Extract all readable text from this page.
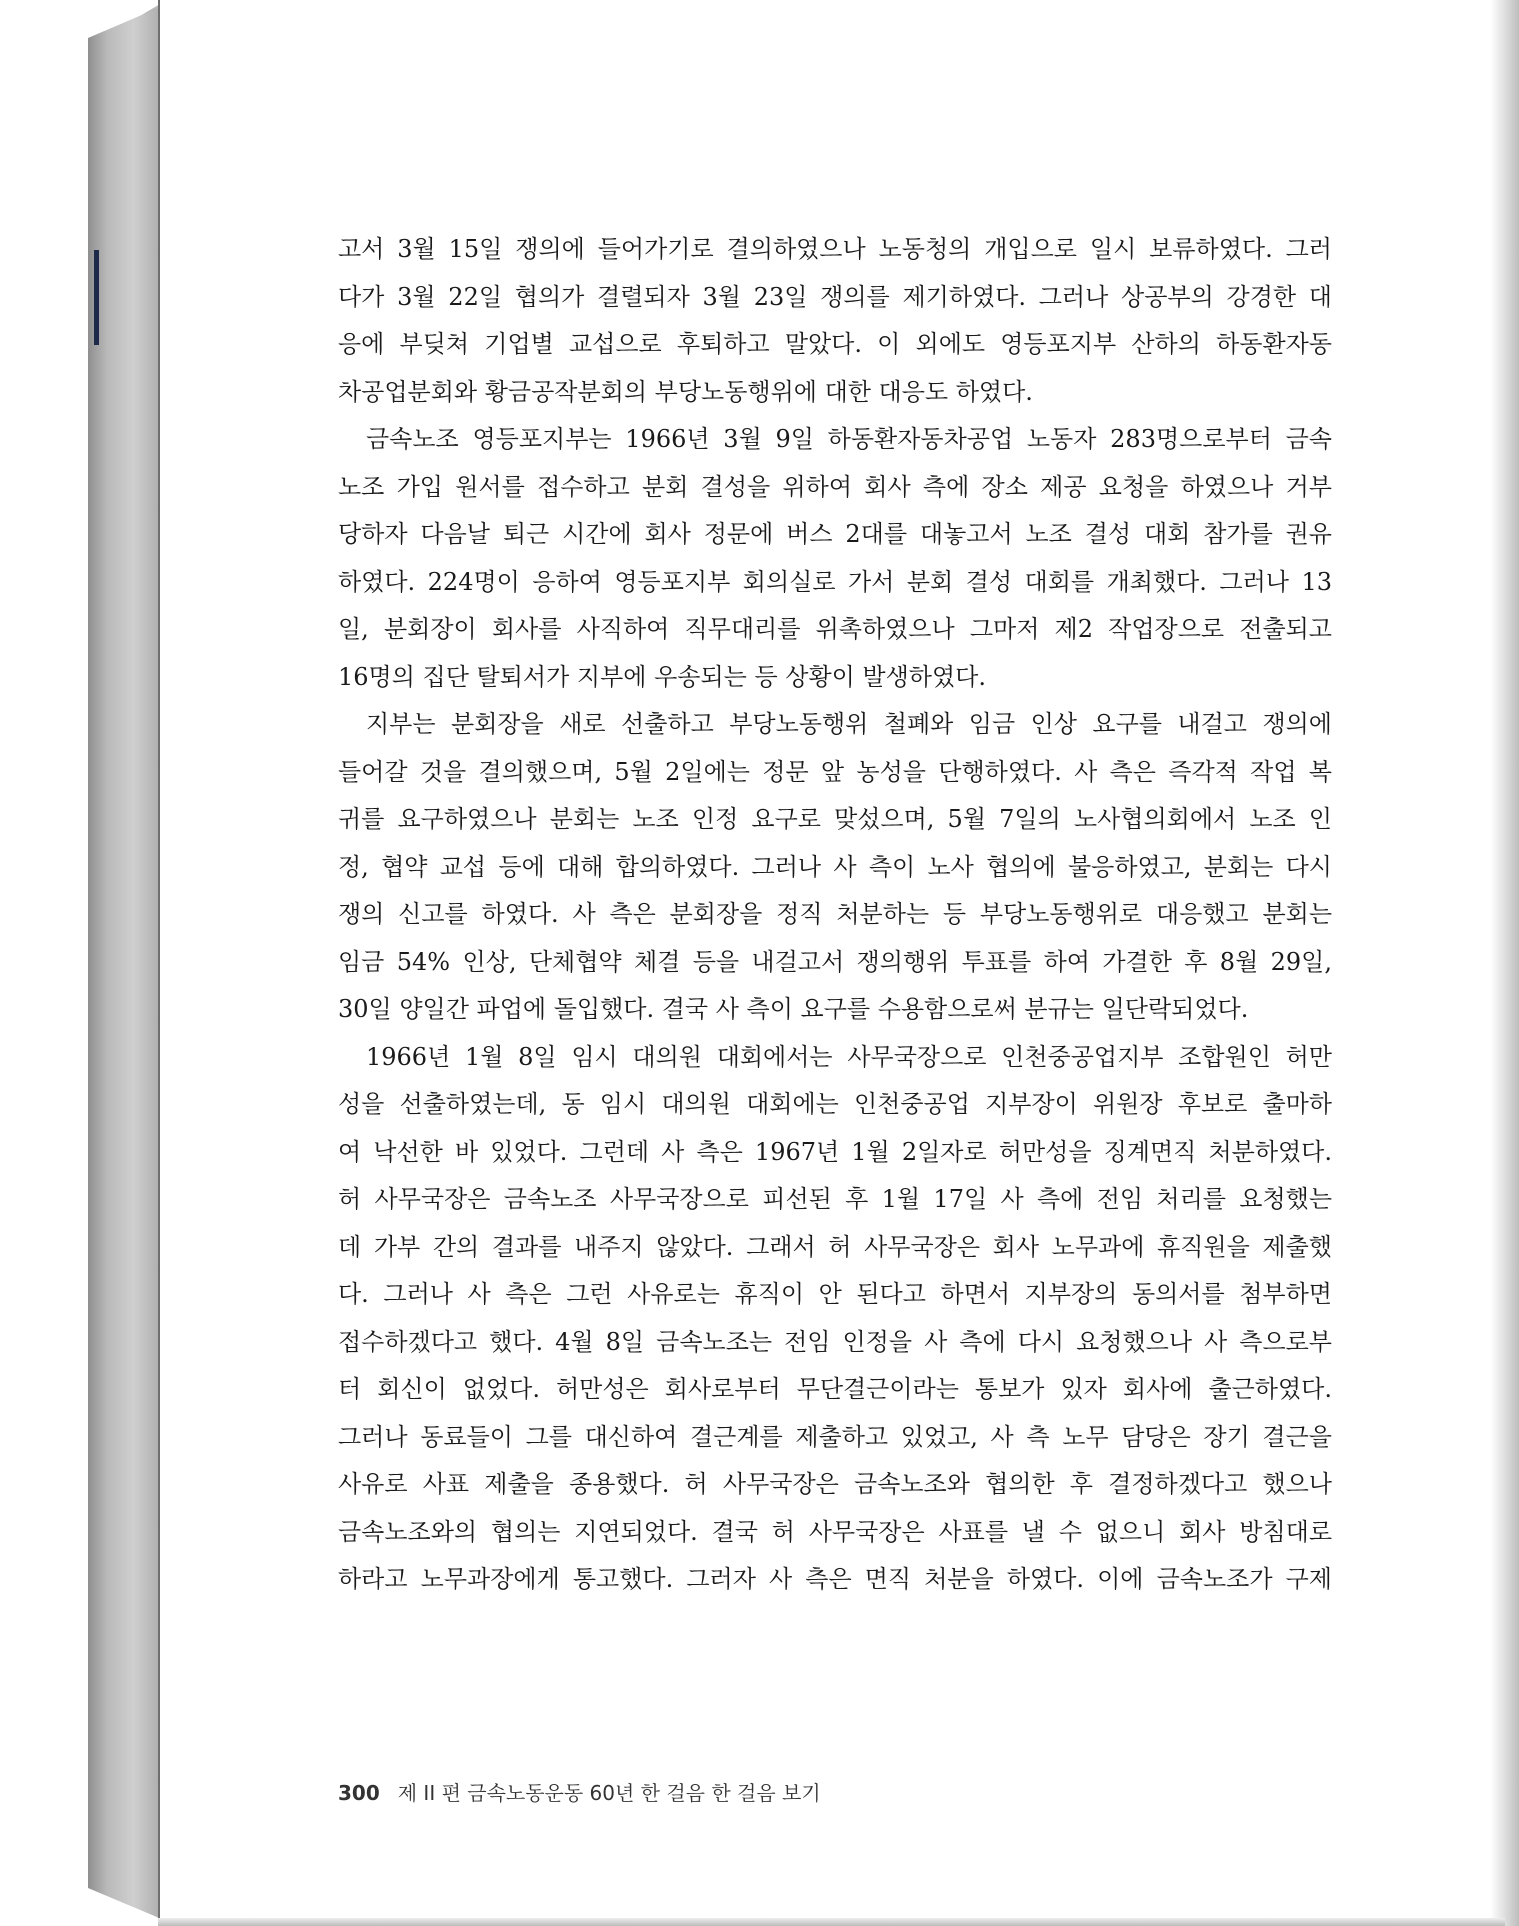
고서 3월 15일 쟁의에 들어가기로 결의하였으나 노동청의 개입으로 일시 보류하였다. 그러
다가 3월 22일 협의가 결렬되자 3월 23일 쟁의를 제기하였다. 그러나 상공부의 강경한 대
응에 부딪쳐 기업별 교섭으로 후퇴하고 말았다. 이 외에도 영등포지부 산하의 하동환자동
차공업분회와 황금공작분회의 부당노동행위에 대한 대응도 하였다.

금속노조 영등포지부는 1966년 3월 9일 하동환자동차공업 노동자 283명으로부터 금속
노조 가입 원서를 접수하고 분회 결성을 위하여 회사 측에 장소 제공 요청을 하였으나 거부
당하자 다음날 퇴근 시간에 회사 정문에 버스 2대를 대놓고서 노조 결성 대회 참가를 권유
하였다. 224명이 응하여 영등포지부 회의실로 가서 분회 결성 대회를 개최했다. 그러나 13
일, 분회장이 회사를 사직하여 직무대리를 위촉하였으나 그마저 제2 작업장으로 전출되고
16명의 집단 탈퇴서가 지부에 우송되는 등 상황이 발생하였다.

지부는 분회장을 새로 선출하고 부당노동행위 철폐와 임금 인상 요구를 내걸고 쟁의에
들어갈 것을 결의했으며, 5월 2일에는 정문 앞 농성을 단행하였다. 사 측은 즉각적 작업 복
귀를 요구하였으나 분회는 노조 인정 요구로 맞섰으며, 5월 7일의 노사협의회에서 노조 인
정, 협약 교섭 등에 대해 합의하였다. 그러나 사 측이 노사 협의에 불응하였고, 분회는 다시
쟁의 신고를 하였다. 사 측은 분회장을 정직 처분하는 등 부당노동행위로 대응했고 분회는
임금 54% 인상, 단체협약 체결 등을 내걸고서 쟁의행위 투표를 하여 가결한 후 8월 29일,
30일 양일간 파업에 돌입했다. 결국 사 측이 요구를 수용함으로써 분규는 일단락되었다.

1966년 1월 8일 임시 대의원 대회에서는 사무국장으로 인천중공업지부 조합원인 허만
성을 선출하였는데, 동 임시 대의원 대회에는 인천중공업 지부장이 위원장 후보로 출마하
여 낙선한 바 있었다. 그런데 사 측은 1967년 1월 2일자로 허만성을 징계면직 처분하였다.
허 사무국장은 금속노조 사무국장으로 피선된 후 1월 17일 사 측에 전임 처리를 요청했는
데 가부 간의 결과를 내주지 않았다. 그래서 허 사무국장은 회사 노무과에 휴직원을 제출했
다. 그러나 사 측은 그런 사유로는 휴직이 안 된다고 하면서 지부장의 동의서를 첨부하면
접수하겠다고 했다. 4월 8일 금속노조는 전임 인정을 사 측에 다시 요청했으나 사 측으로부
터 회신이 없었다. 허만성은 회사로부터 무단결근이라는 통보가 있자 회사에 출근하였다.
그러나 동료들이 그를 대신하여 결근계를 제출하고 있었고, 사 측 노무 담당은 장기 결근을
사유로 사표 제출을 종용했다. 허 사무국장은 금속노조와 협의한 후 결정하겠다고 했으나
금속노조와의 협의는 지연되었다. 결국 허 사무국장은 사표를 낼 수 없으니 회사 방침대로
하라고 노무과장에게 통고했다. 그러자 사 측은 면직 처분을 하였다. 이에 금속노조가 구제

300 제 II 편 금속노동운동 60년 한 걸음 한 걸음 보기
